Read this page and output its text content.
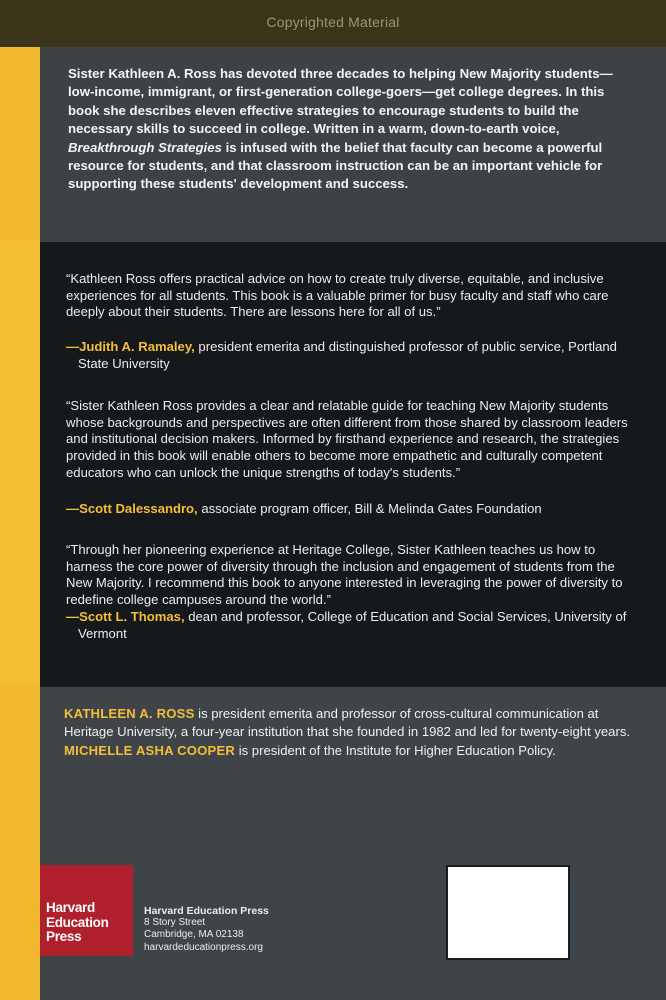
Copyrighted Material

Sister Kathleen A. Ross has devoted three decades to helping New Majority students—low-income, immigrant, or first-generation college-goers—get college degrees. In this book she describes eleven effective strategies to encourage students to build the necessary skills to succeed in college. Written in a warm, down-to-earth voice, Breakthrough Strategies is infused with the belief that faculty can become a powerful resource for students, and that classroom instruction can be an important vehicle for supporting these students' development and success.

“Kathleen Ross offers practical advice on how to create truly diverse, equitable, and inclusive experiences for all students. This book is a valuable primer for busy faculty and staff who care deeply about their students. There are lessons here for all of us.”

—Judith A. Ramaley, president emerita and distinguished professor of public service, Portland State University

“Sister Kathleen Ross provides a clear and relatable guide for teaching New Majority students whose backgrounds and perspectives are often different from those shared by classroom leaders and institutional decision makers. Informed by firsthand experience and research, the strategies provided in this book will enable others to become more empathetic and culturally competent educators who can unlock the unique strengths of today's students.”

—Scott Dalessandro, associate program officer, Bill & Melinda Gates Foundation

“Through her pioneering experience at Heritage College, Sister Kathleen teaches us how to harness the core power of diversity through the inclusion and engagement of students from the New Majority. I recommend this book to anyone interested in leveraging the power of diversity to redefine college campuses around the world.”

—Scott L. Thomas, dean and professor, College of Education and Social Services, University of Vermont

KATHLEEN A. ROSS is president emerita and professor of cross-cultural communication at Heritage University, a four-year institution that she founded in 1982 and led for twenty-eight years. MICHELLE ASHA COOPER is president of the Institute for Higher Education Policy.

Harvard
Education
Press
Harvard Education Press
8 Story Street
Cambridge, MA 02138
harvardeducationpress.org
